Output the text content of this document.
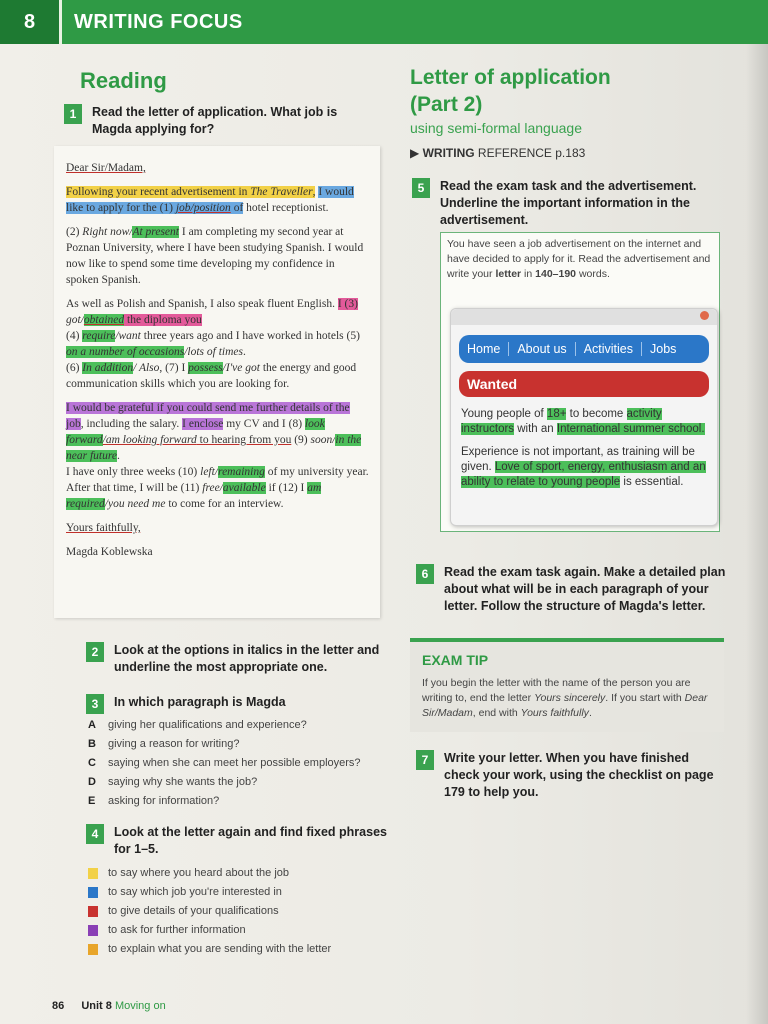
8	WRITING FOCUS
Reading
1	Read the letter of application. What job is Magda applying for?

Dear Sir/Madam,

Following your recent advertisement in The Traveller, I would like to apply for the (1) job/position of hotel receptionist.

(2) Right now/At present I am completing my second year at Poznan University, where I have been studying Spanish. I would now like to spend some time developing my confidence in spoken Spanish.

As well as Polish and Spanish, I also speak fluent English. I (3) got/obtained the diploma you
(4) require/want three years ago and I have worked in hotels (5) on a number of occasions/lots of times.
(6) In addition/ Also, (7) I possess/I've got the energy and good communication skills which you are looking for.

I would be grateful if you could send me further details of the job, including the salary. I enclose my CV and I (8) look forward/am looking forward to hearing from you (9) soon/in the near future.
I have only three weeks (10) left/remaining of my university year. After that time, I will be (11) free/available if (12) I am required/you need me to come for an interview.

Yours faithfully,

Magda Koblewska

2	Look at the options in italics in the letter and underline the most appropriate one.
3	In which paragraph is Magda
A	giving her qualifications and experience?
B	giving a reason for writing?
C	saying when she can meet her possible employers?
D	saying why she wants the job?
E	asking for information?
4	Look at the letter again and find fixed phrases for 1–5.
to say where you heard about the job
to say which job you're interested in
to give details of your qualifications
to ask for further information
to explain what you are sending with the letter
86 Unit 8 Moving on
Letter of application
(Part 2)
using semi-formal language
▶ WRITING REFERENCE p.183
5	Read the exam task and the advertisement. Underline the important information in the advertisement.
You have seen a job advertisement on the internet and have decided to apply for it. Read the advertisement and write your letter in 140–190 words.
Home	About us	Activities	Jobs
Wanted

Young people of 18+ to become activity instructors with an International summer school.

Experience is not important, as training will be given. Love of sport, energy, enthusiasm and an ability to relate to young people is essential.

6	Read the exam task again. Make a detailed plan about what will be in each paragraph of your letter. Follow the structure of Magda's letter.
EXAM TIP
If you begin the letter with the name of the person you are writing to, end the letter Yours sincerely. If you start with Dear Sir/Madam, end with Yours faithfully.
7	Write your letter. When you have finished check your work, using the checklist on page 179 to help you.
